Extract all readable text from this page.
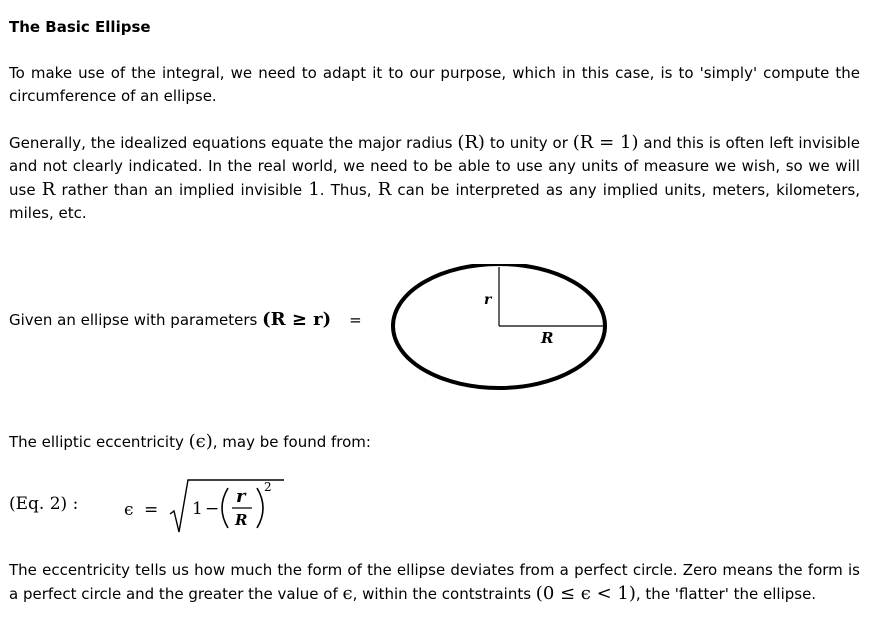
The Basic Ellipse
To make use of the integral, we need to adapt it to our purpose, which in this case, is to 'simply' compute the circumference of an ellipse.
Generally, the idealized equations equate the major radius (R) to unity or (R = 1) and this is often left invisible and not clearly indicated. In the real world, we need to be able to use any units of measure we wish, so we will use R rather than an implied invisible 1. Thus, R can be interpreted as any implied units, meters, kilometers, miles, etc.
Given an ellipse with parameters (R ≥ r) =
r
R
The elliptic eccentricity (ϵ), may be found from:
(Eq. 2) :	ϵ = 1 −
r
R
2
The eccentricity tells us how much the form of the ellipse deviates from a perfect circle. Zero means the form is a perfect circle and the greater the value of ϵ, within the contstraints (0 ≤ ϵ < 1), the 'flatter' the ellipse.
